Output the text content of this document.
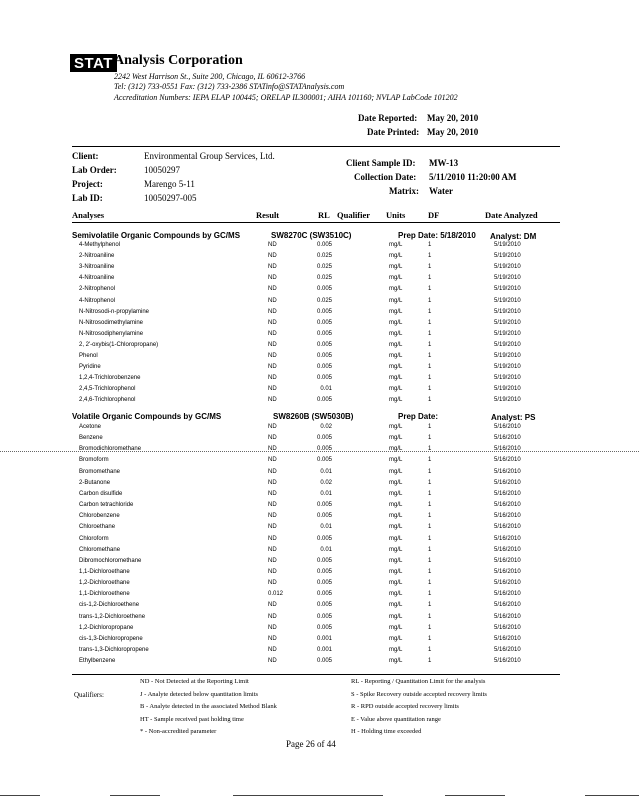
STAT Analysis Corporation
2242 West Harrison St., Suite 200, Chicago, IL 60612-3766
Tel: (312) 733-0551 Fax: (312) 733-2386 STATinfo@STATAnalysis.com
Accreditation Numbers: IEPA ELAP 100445; ORELAP IL300001; AIHA 101160; NVLAP LabCode 101202
Date Reported: May 20, 2010
Date Printed: May 20, 2010
Client:	Environmental Group Services, Ltd.
Lab Order:	10050297
Project:	Marengo 5-11
Lab ID:	10050297-005
Client Sample ID: MW-13
Collection Date: 5/11/2010 11:20:00 AM
Matrix: Water
Analyses	Result	RL Qualifier Units	DF	Date Analyzed
Semivolatile Organic Compounds by GC/MS	SW8270C (SW3510C)	Prep Date: 5/18/2010 Analyst: DM
4-Methylphenol	ND	0.005	mg/L	1	5/19/2010
2-Nitroaniline	ND	0.025	mg/L	1	5/19/2010
3-Nitroaniline	ND	0.025	mg/L	1	5/19/2010
4-Nitroaniline	ND	0.025	mg/L	1	5/19/2010
2-Nitrophenol	ND	0.005	mg/L	1	5/19/2010
4-Nitrophenol	ND	0.025	mg/L	1	5/19/2010
N-Nitrosodi-n-propylamine	ND	0.005	mg/L	1	5/19/2010
N-Nitrosodimethylamine	ND	0.005	mg/L	1	5/19/2010
N-Nitrosodiphenylamine	ND	0.005	mg/L	1	5/19/2010
2, 2'-oxybis(1-Chloropropane)	ND	0.005	mg/L	1	5/19/2010
Phenol	ND	0.005	mg/L	1	5/19/2010
Pyridine	ND	0.005	mg/L	1	5/19/2010
1,2,4-Trichlorobenzene	ND	0.005	mg/L	1	5/19/2010
2,4,5-Trichlorophenol	ND	0.01	mg/L	1	5/19/2010
2,4,6-Trichlorophenol	ND	0.005	mg/L	1	5/19/2010
Volatile Organic Compounds by GC/MS	SW8260B (SW5030B)	Prep Date:	Analyst: PS
Acetone	ND	0.02	mg/L	1	5/16/2010
Benzene	ND	0.005	mg/L	1	5/16/2010
Bromodichloromethane	ND	0.005	mg/L	1	5/16/2010
Bromoform	ND	0.005	mg/L	1	5/16/2010
Bromomethane	ND	0.01	mg/L	1	5/16/2010
2-Butanone	ND	0.02	mg/L	1	5/16/2010
Carbon disulfide	ND	0.01	mg/L	1	5/16/2010
Carbon tetrachloride	ND	0.005	mg/L	1	5/16/2010
Chlorobenzene	ND	0.005	mg/L	1	5/16/2010
Chloroethane	ND	0.01	mg/L	1	5/16/2010
Chloroform	ND	0.005	mg/L	1	5/16/2010
Chloromethane	ND	0.01	mg/L	1	5/16/2010
Dibromochloromethane	ND	0.005	mg/L	1	5/16/2010
1,1-Dichloroethane	ND	0.005	mg/L	1	5/16/2010
1,2-Dichloroethane	ND	0.005	mg/L	1	5/16/2010
1,1-Dichloroethene	0.012	0.005	mg/L	1	5/16/2010
cis-1,2-Dichloroethene	ND	0.005	mg/L	1	5/16/2010
trans-1,2-Dichloroethene	ND	0.005	mg/L	1	5/16/2010
1,2-Dichloropropane	ND	0.005	mg/L	1	5/16/2010
cis-1,3-Dichloropropene	ND	0.001	mg/L	1	5/16/2010
trans-1,3-Dichloropropene	ND	0.001	mg/L	1	5/16/2010
Ethylbenzene	ND	0.005	mg/L	1	5/16/2010
Qualifiers:
ND - Not Detected at the Reporting Limit
J - Analyte detected below quantitation limits
B - Analyte detected in the associated Method Blank
HT - Sample received past holding time
* - Non-accredited parameter
RL - Reporting / Quantitation Limit for the analysis
S - Spike Recovery outside accepted recovery limits
R - RPD outside accepted recovery limits
E - Value above quantitation range
H - Holding time exceeded
Page 26 of 44
